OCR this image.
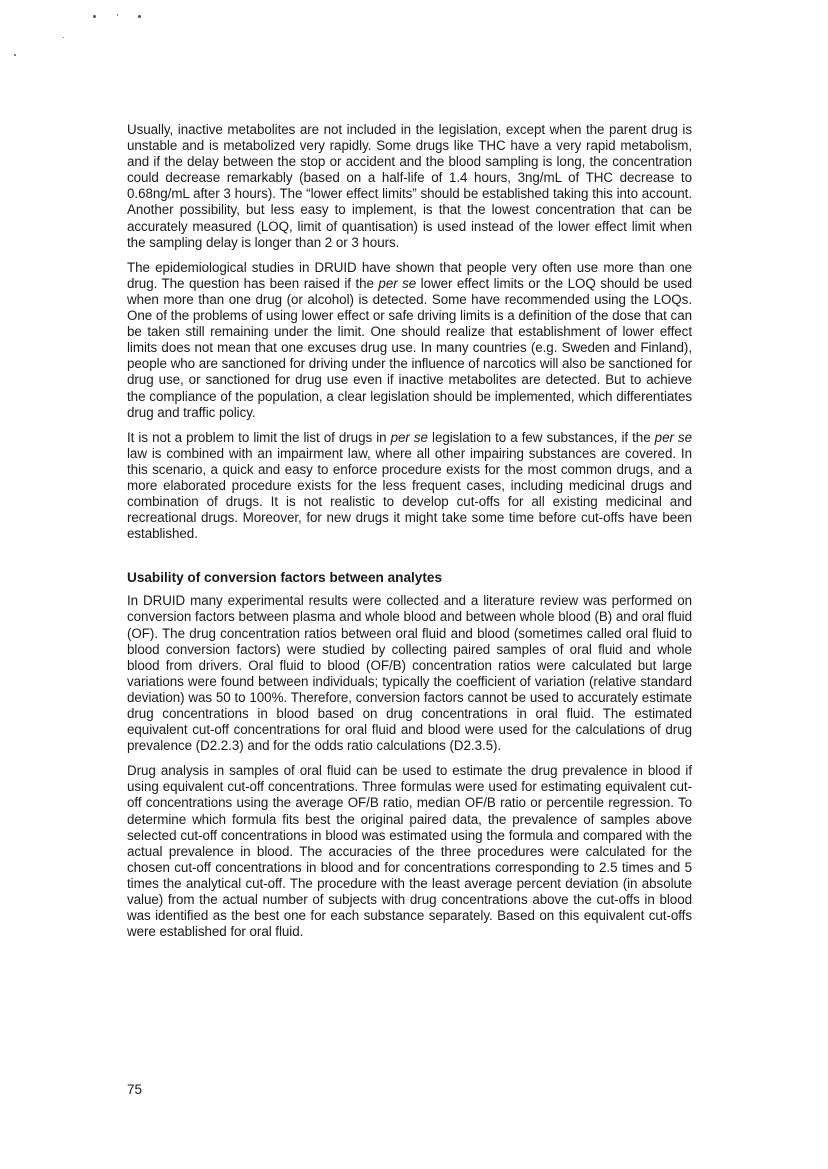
Usually, inactive metabolites are not included in the legislation, except when the parent drug is unstable and is metabolized very rapidly. Some drugs like THC have a very rapid metabolism, and if the delay between the stop or accident and the blood sampling is long, the concentration could decrease remarkably (based on a half-life of 1.4 hours, 3ng/mL of THC decrease to 0.68ng/mL after 3 hours). The “lower effect limits” should be established taking this into account. Another possibility, but less easy to implement, is that the lowest concentration that can be accurately measured (LOQ, limit of quantisation) is used instead of the lower effect limit when the sampling delay is longer than 2 or 3 hours.

The epidemiological studies in DRUID have shown that people very often use more than one drug. The question has been raised if the per se lower effect limits or the LOQ should be used when more than one drug (or alcohol) is detected. Some have recommended using the LOQs. One of the problems of using lower effect or safe driving limits is a definition of the dose that can be taken still remaining under the limit. One should realize that establishment of lower effect limits does not mean that one excuses drug use. In many countries (e.g. Sweden and Finland), people who are sanctioned for driving under the influence of narcotics will also be sanctioned for drug use, or sanctioned for drug use even if inactive metabolites are detected. But to achieve the compliance of the population, a clear legislation should be implemented, which differentiates drug and traffic policy.

It is not a problem to limit the list of drugs in per se legislation to a few substances, if the per se law is combined with an impairment law, where all other impairing substances are covered. In this scenario, a quick and easy to enforce procedure exists for the most common drugs, and a more elaborated procedure exists for the less frequent cases, including medicinal drugs and combination of drugs. It is not realistic to develop cut-offs for all existing medicinal and recreational drugs. Moreover, for new drugs it might take some time before cut-offs have been established.

Usability of conversion factors between analytes

In DRUID many experimental results were collected and a literature review was performed on conversion factors between plasma and whole blood and between whole blood (B) and oral fluid (OF). The drug concentration ratios between oral fluid and blood (sometimes called oral fluid to blood conversion factors) were studied by collecting paired samples of oral fluid and whole blood from drivers. Oral fluid to blood (OF/B) concentration ratios were calculated but large variations were found between individuals; typically the coefficient of variation (relative standard deviation) was 50 to 100%. Therefore, conversion factors cannot be used to accurately estimate drug concentrations in blood based on drug concentrations in oral fluid. The estimated equivalent cut-off concentrations for oral fluid and blood were used for the calculations of drug prevalence (D2.2.3) and for the odds ratio calculations (D2.3.5).

Drug analysis in samples of oral fluid can be used to estimate the drug prevalence in blood if using equivalent cut-off concentrations. Three formulas were used for estimating equivalent cut-off concentrations using the average OF/B ratio, median OF/B ratio or percentile regression. To determine which formula fits best the original paired data, the prevalence of samples above selected cut-off concentrations in blood was estimated using the formula and compared with the actual prevalence in blood. The accuracies of the three procedures were calculated for the chosen cut-off concentrations in blood and for concentrations corresponding to 2.5 times and 5 times the analytical cut-off. The procedure with the least average percent deviation (in absolute value) from the actual number of subjects with drug concentrations above the cut-offs in blood was identified as the best one for each substance separately. Based on this equivalent cut-offs were established for oral fluid.

75
